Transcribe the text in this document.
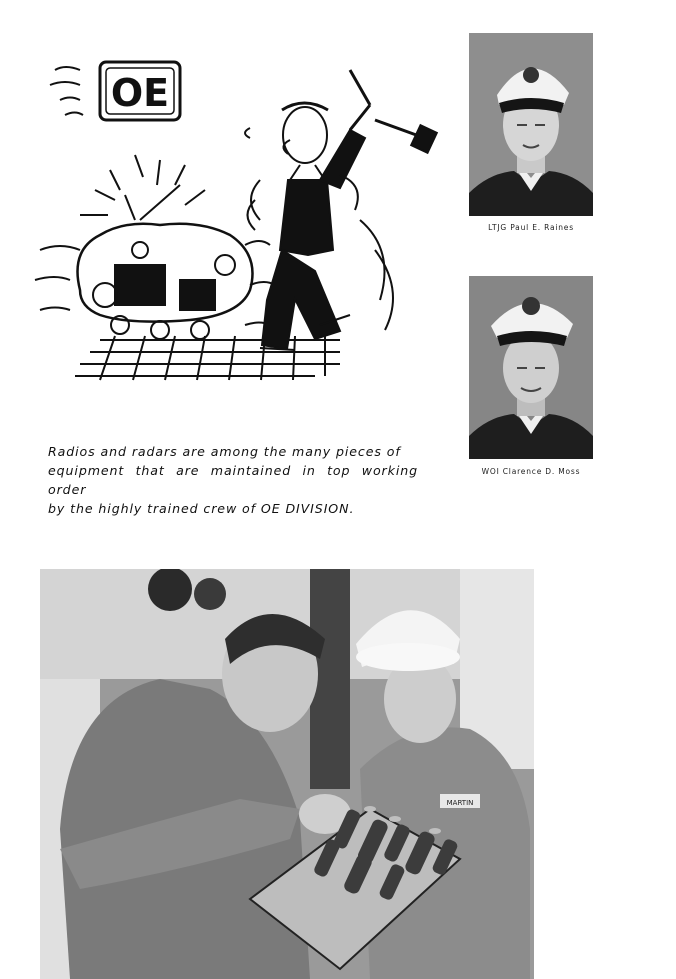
OE
LTJG Paul E. Raines
WOI Clarence D. Moss
Radios and radars are among the many pieces of
equipment that are maintained in top working order
by the highly trained crew of OE DIVISION.
MARTIN
